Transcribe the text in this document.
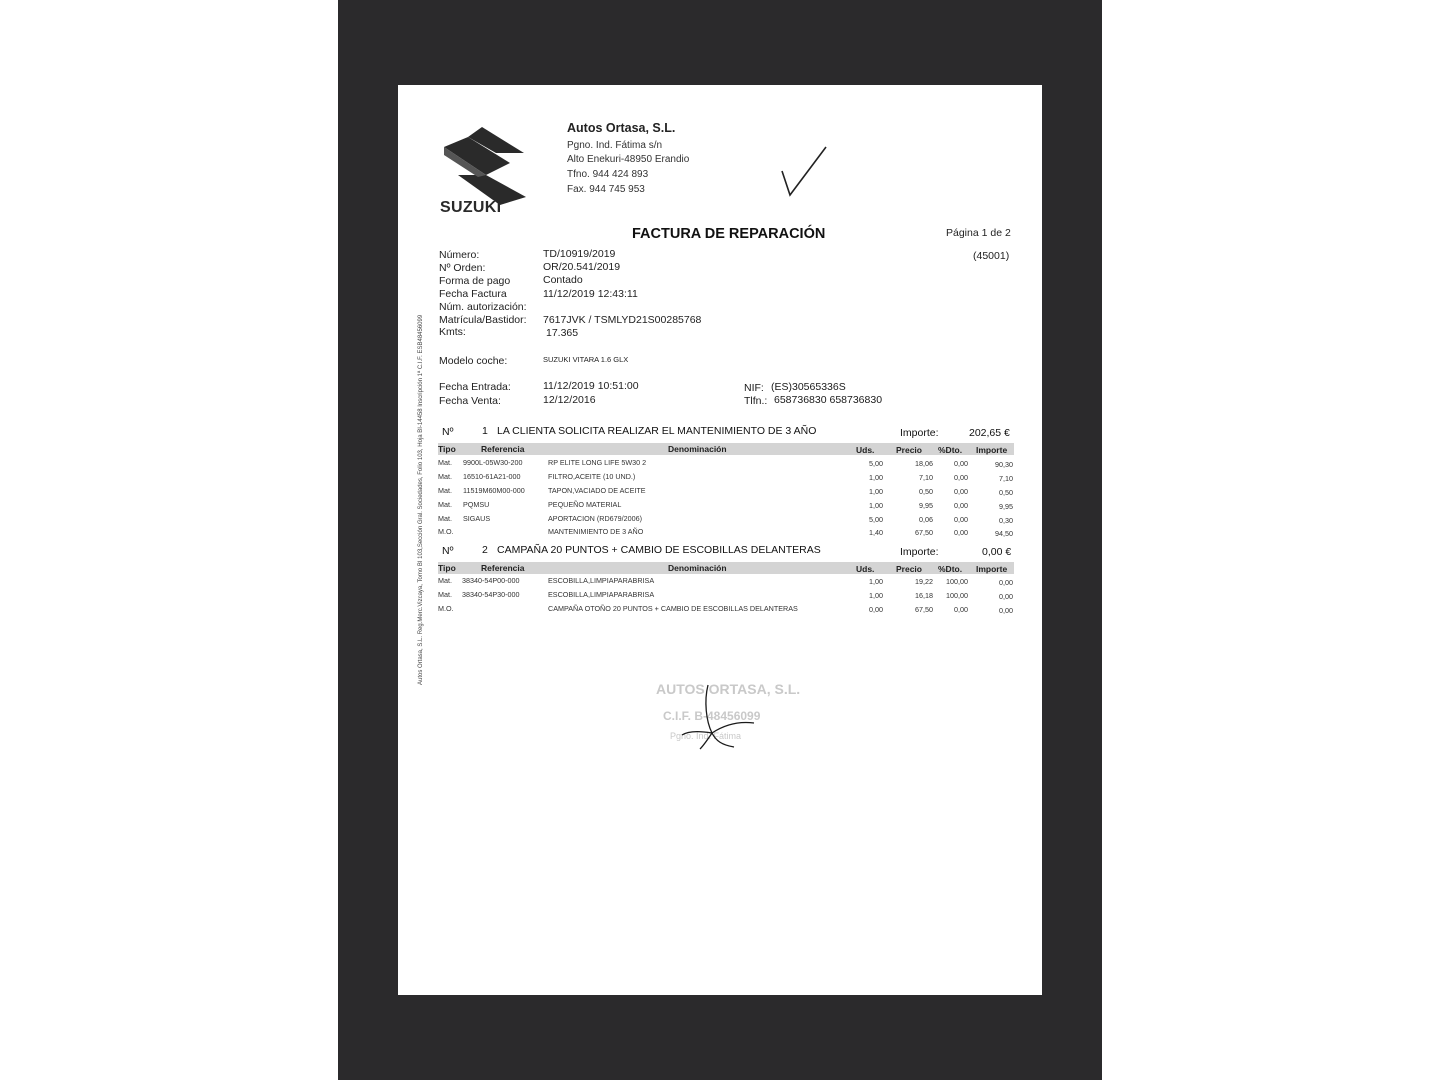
SUZUKI
Autos Ortasa, S.L.
Pgno. Ind. Fátima s/n
Alto Enekuri-48950 Erandio
Tfno. 944 424 893
Fax. 944 745 953
FACTURA DE REPARACIÓN	Página 1 de 2
(45001)
Número:	TD/10919/2019
Nº Orden:	OR/20.541/2019
Forma de pago	Contado
Fecha Factura	11/12/2019 12:43:11
Núm. autorización:
Matrícula/Bastidor: 7617JVK / TSMLYD21S00285768
Kmts:	17.365
Modelo coche:	SUZUKI VITARA 1.6 GLX
Fecha Entrada:	11/12/2019 10:51:00
Fecha Venta:	12/12/2016
NIF: (ES)30565336S
Tlfn.: 658736830 658736830
Autos Ortasa, S.L. Reg.Merc.Vizcaya, Tomo BI 103,Sección Gral. Sociedades, Folio 103, Hoja BI-14458 Inscripción 1ª C.I.F. ESB48456099 Nº	1 LA CLIENTA SOLICITA REALIZAR EL MANTENIMIENTO DE 3 AÑO	Importe:	202,65 €
Tipo	Referencia	Denominación	Uds.	Precio %Dto. Importe
Mat. 9900L-05W30-200	RP ELITE LONG LIFE 5W30 2	5,00	18,06	0,00	90,30
Mat. 16510-61A21-000	FILTRO,ACEITE (10 UND.)	1,00	7,10	0,00	7,10
Mat. 11519M60M00-000	TAPON,VACIADO DE ACEITE	1,00	0,50	0,00	0,50
Mat. PQMSU	PEQUEÑO MATERIAL	1,00	9,95	0,00	9,95
Mat. SIGAUS	APORTACION (RD679/2006)	5,00	0,06	0,00	0,30
M.O.	MANTENIMIENTO DE 3 AÑO	1,40	67,50	0,00	94,50
Nº	2 CAMPAÑA 20 PUNTOS + CAMBIO DE ESCOBILLAS DELANTERAS	Importe:	0,00 €
Tipo	Referencia	Denominación	Uds.	Precio %Dto. Importe
Mat. 38340-54P00-000	ESCOBILLA,LIMPIAPARABRISA	1,00	19,22	100,00	0,00
Mat. 38340-54P30-000	ESCOBILLA,LIMPIAPARABRISA	1,00	16,18	100,00	0,00
M.O.	CAMPAÑA OTOÑO 20 PUNTOS + CAMBIO DE ESCOBILLAS DELANTERAS	0,00	67,50	0,00	0,00
AUTOS ORTASA, S.L.
C.I.F. B-48456099
Pgno. Ind. Fátima
